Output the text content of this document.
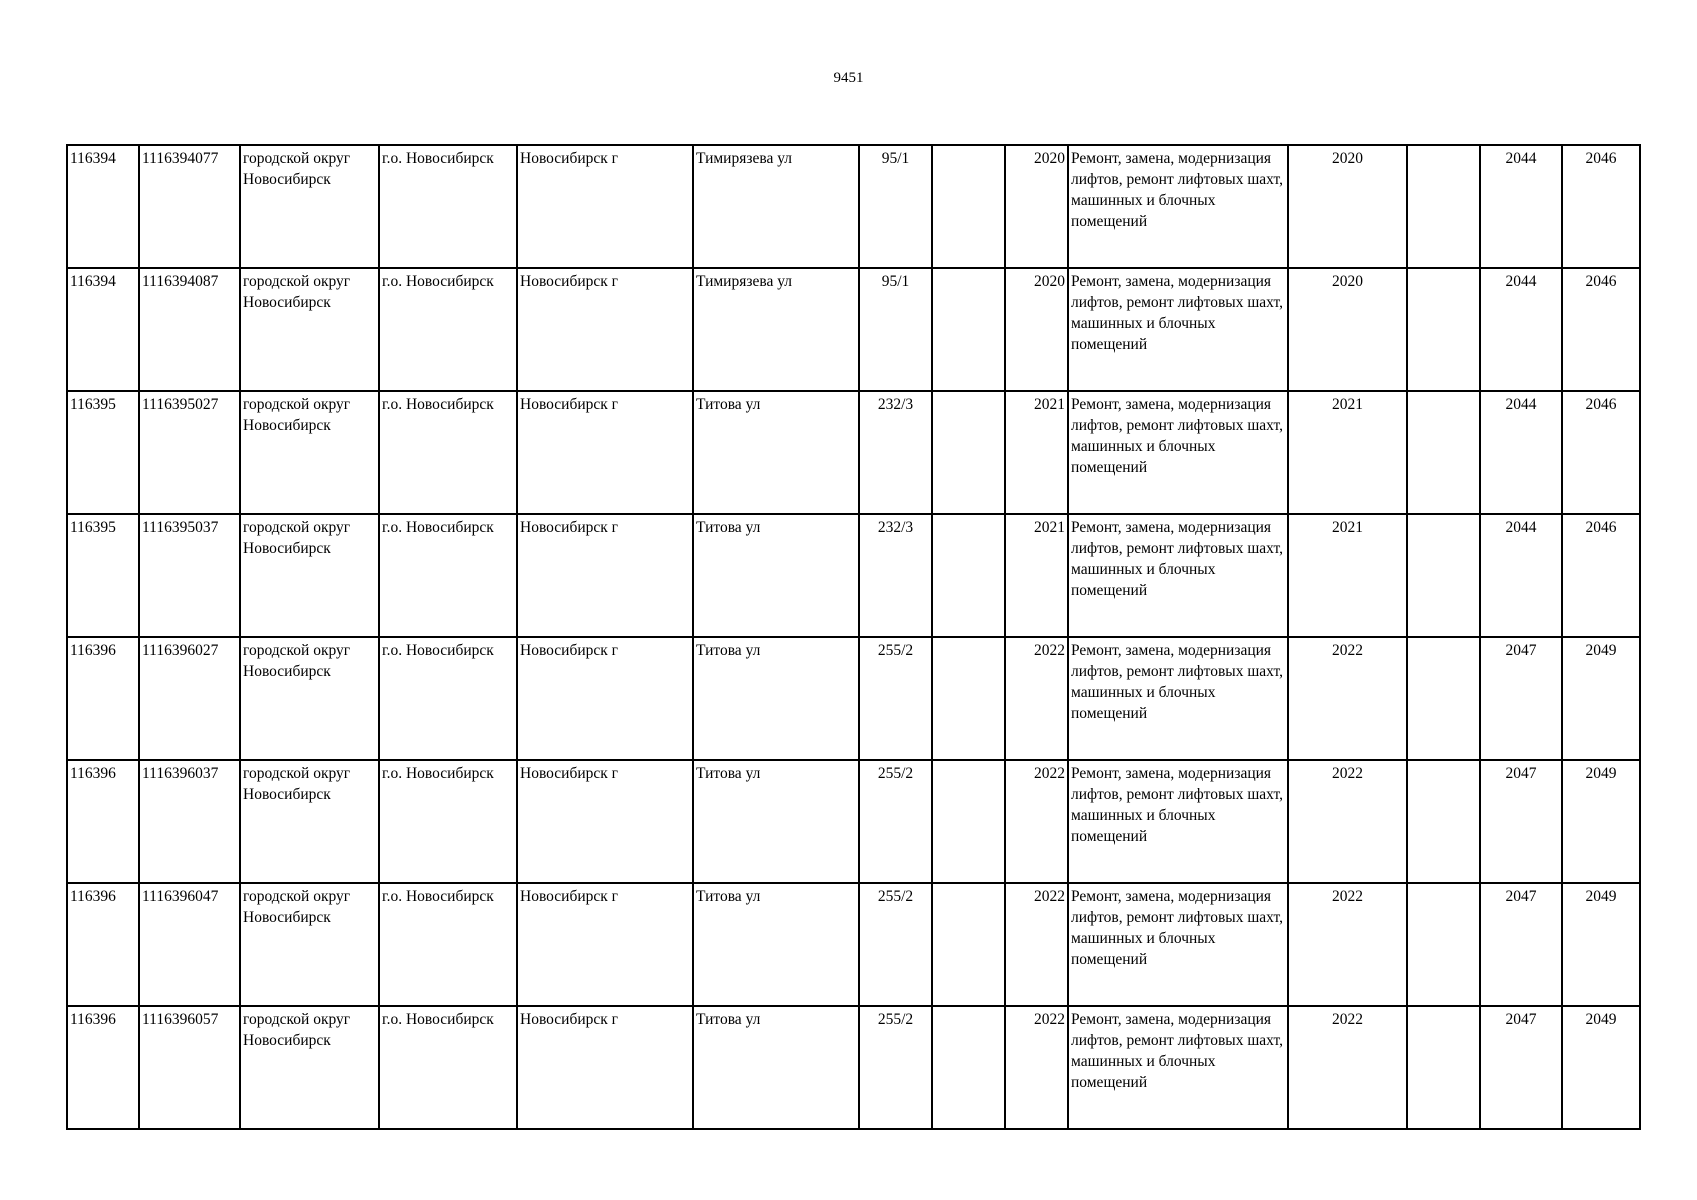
9451
116394	1116394077	городской округ Новосибирск	г.о. Новосибирск	Новосибирск г	Тимирязева ул	95/1		2020	Ремонт, замена, модернизация лифтов, ремонт лифтовых шахт, машинных и блочных помещений	2020		2044	2046
116394	1116394087	городской округ Новосибирск	г.о. Новосибирск	Новосибирск г	Тимирязева ул	95/1		2020	Ремонт, замена, модернизация лифтов, ремонт лифтовых шахт, машинных и блочных помещений	2020		2044	2046
116395	1116395027	городской округ Новосибирск	г.о. Новосибирск	Новосибирск г	Титова ул	232/3		2021	Ремонт, замена, модернизация лифтов, ремонт лифтовых шахт, машинных и блочных помещений	2021		2044	2046
116395	1116395037	городской округ Новосибирск	г.о. Новосибирск	Новосибирск г	Титова ул	232/3		2021	Ремонт, замена, модернизация лифтов, ремонт лифтовых шахт, машинных и блочных помещений	2021		2044	2046
116396	1116396027	городской округ Новосибирск	г.о. Новосибирск	Новосибирск г	Титова ул	255/2		2022	Ремонт, замена, модернизация лифтов, ремонт лифтовых шахт, машинных и блочных помещений	2022		2047	2049
116396	1116396037	городской округ Новосибирск	г.о. Новосибирск	Новосибирск г	Титова ул	255/2		2022	Ремонт, замена, модернизация лифтов, ремонт лифтовых шахт, машинных и блочных помещений	2022		2047	2049
116396	1116396047	городской округ Новосибирск	г.о. Новосибирск	Новосибирск г	Титова ул	255/2		2022	Ремонт, замена, модернизация лифтов, ремонт лифтовых шахт, машинных и блочных помещений	2022		2047	2049
116396	1116396057	городской округ Новосибирск	г.о. Новосибирск	Новосибирск г	Титова ул	255/2		2022	Ремонт, замена, модернизация лифтов, ремонт лифтовых шахт, машинных и блочных помещений	2022		2047	2049
